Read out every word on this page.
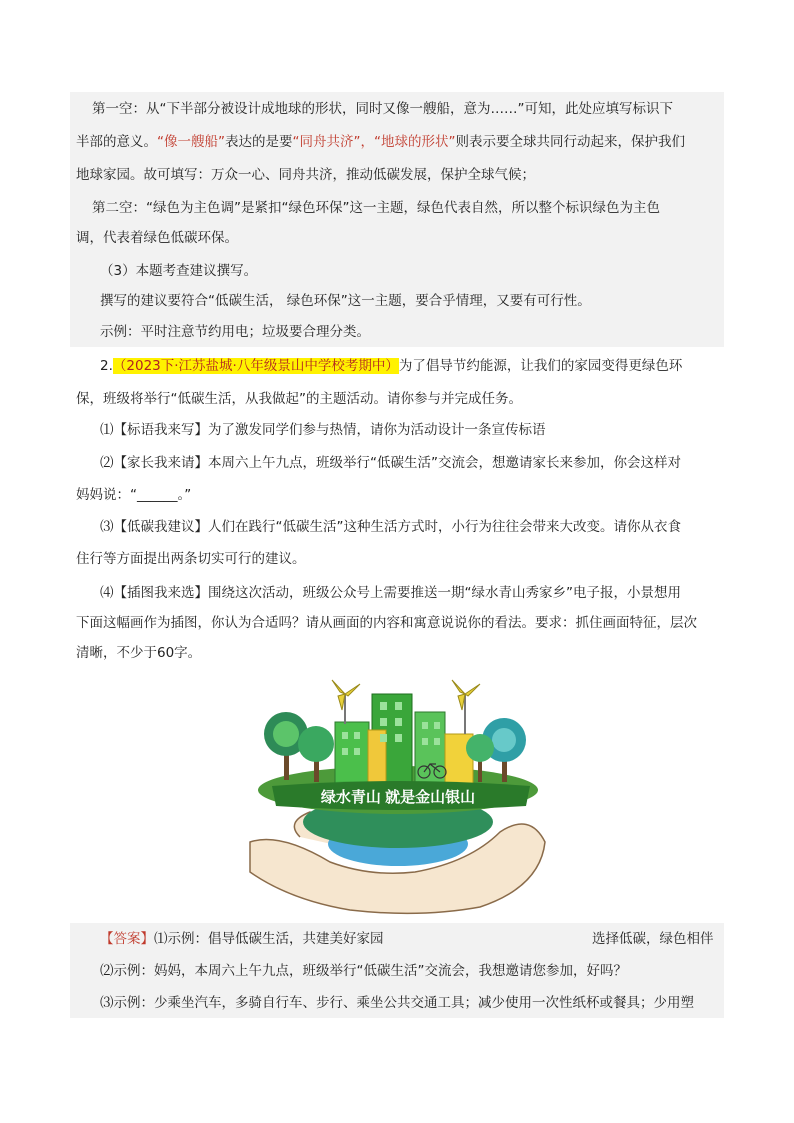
第一空：从“下半部分被设计成地球的形状，同时又像一艘船，意为……”可知，此处应填写标识下
半部的意义。“像一艘船”表达的是要“同舟共济”，“地球的形状”则表示要全球共同行动起来，保护我们
地球家园。故可填写：万众一心、同舟共济，推动低碳发展，保护全球气候；
第二空：“绿色为主色调”是紧扣“绿色环保”这一主题，绿色代表自然，所以整个标识绿色为主色
调，代表着绿色低碳环保。
（3）本题考查建议撰写。
撰写的建议要符合“低碳生活， 绿色环保”这一主题，要合乎情理，又要有可行性。
示例：平时注意节约用电；垃圾要合理分类。
2.（2023下·江苏盐城·八年级景山中学校考期中）为了倡导节约能源，让我们的家园变得更绿色环
保，班级将举行“低碳生活，从我做起”的主题活动。请你参与并完成任务。
⑴【标语我来写】为了激发同学们参与热情，请你为活动设计一条宣传标语
⑵【家长我来请】本周六上午九点，班级举行“低碳生活”交流会，想邀请家长来参加，你会这样对
妈妈说：“______。”
⑶【低碳我建议】人们在践行“低碳生活”这种生活方式时，小行为往往会带来大改变。请你从衣食
住行等方面提出两条切实可行的建议。
⑷【插图我来选】围绕这次活动，班级公众号上需要推送一期“绿水青山秀家乡”电子报，小景想用
下面这幅画作为插图，你认为合适吗？请从画面的内容和寓意说说你的看法。要求：抓住画面特征，层次
清晰，不少于60字。
绿水青山 就是金山银山
【答案】⑴示例：倡导低碳生活，共建美好家园	选择低碳，绿色相伴
⑵示例：妈妈，本周六上午九点，班级举行“低碳生活”交流会，我想邀请您参加，好吗？
⑶示例：少乘坐汽车，多骑自行车、步行、乘坐公共交通工具；减少使用一次性纸杯或餐具；少用塑
